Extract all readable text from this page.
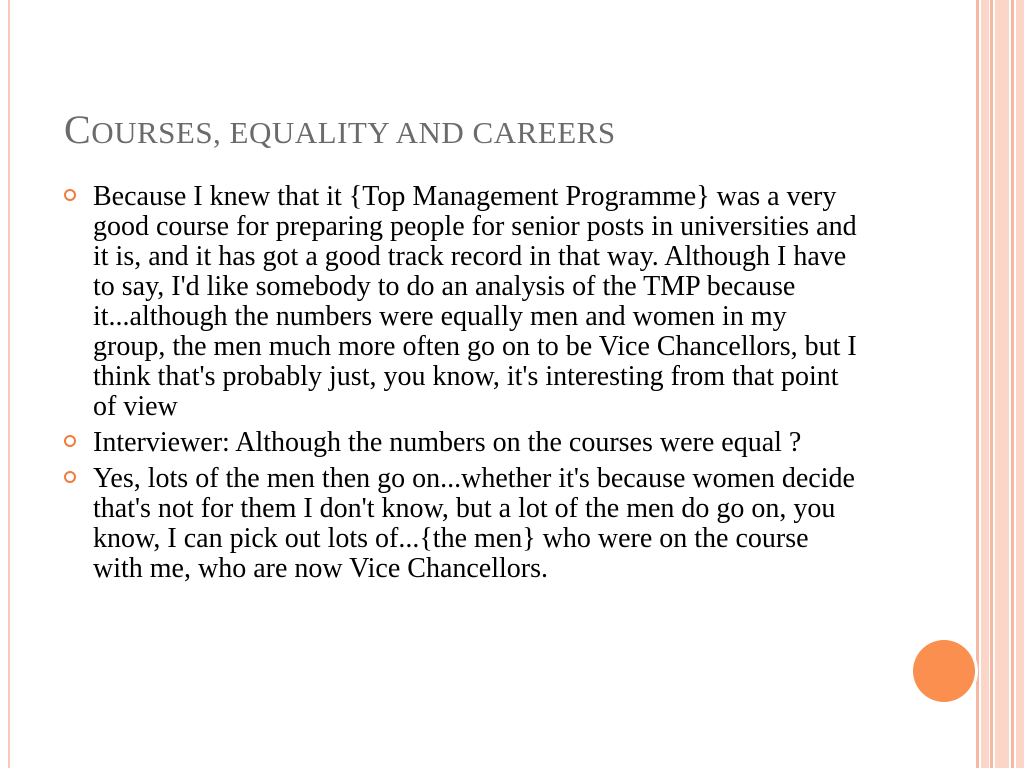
COURSES, EQUALITY AND CAREERS
Because I knew that it {Top Management Programme} was a very good course for preparing people for senior posts in universities and it is, and it has got a good track record in that way. Although I have to say, I'd like somebody to do an analysis of the TMP because it...although the numbers were equally men and women in my group, the men much more often go on to be Vice Chancellors, but I think that's probably just, you know, it's interesting from that point of view
Interviewer: Although the numbers on the courses were equal ?
Yes, lots of the men then go on...whether it's because women decide that's not for them I don't know, but a lot of the men do go on, you know, I can pick out lots of...{the men} who were on the course with me, who are now Vice Chancellors.
